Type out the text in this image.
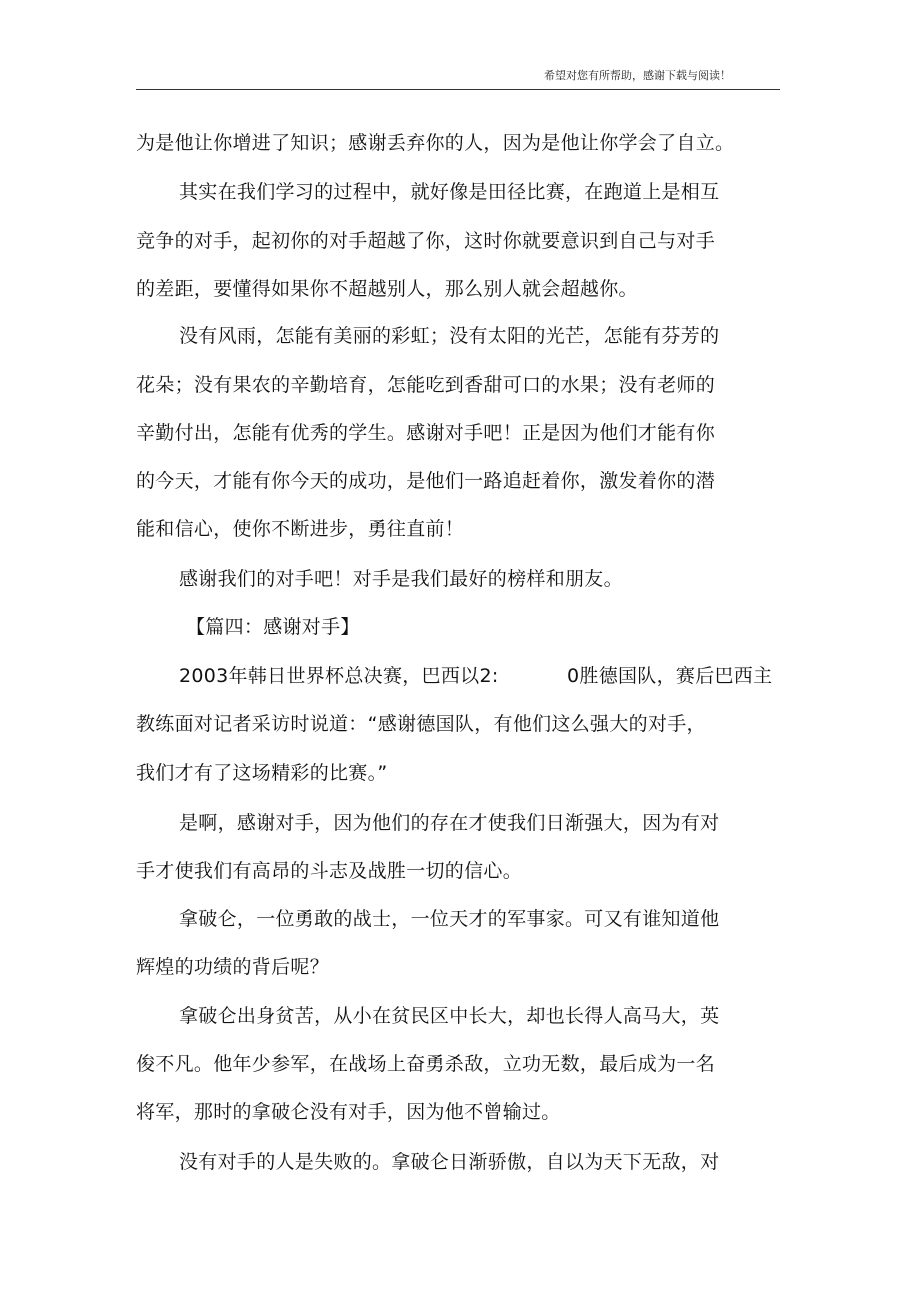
希望对您有所帮助，感谢下载与阅读！
为是他让你增进了知识；感谢丢弃你的人，因为是他让你学会了自立。
其实在我们学习的过程中，就好像是田径比赛，在跑道上是相互
竞争的对手，起初你的对手超越了你，这时你就要意识到自己与对手
的差距，要懂得如果你不超越别人，那么别人就会超越你。
没有风雨，怎能有美丽的彩虹；没有太阳的光芒，怎能有芬芳的
花朵；没有果农的辛勤培育，怎能吃到香甜可口的水果；没有老师的
辛勤付出，怎能有优秀的学生。感谢对手吧！正是因为他们才能有你
的今天，才能有你今天的成功，是他们一路追赶着你，激发着你的潜
能和信心，使你不断进步，勇往直前！
感谢我们的对手吧！对手是我们最好的榜样和朋友。
【篇四：感谢对手】
2003年韩日世界杯总决赛，巴西以2:	0胜德国队，赛后巴西主
教练面对记者采访时说道：“感谢德国队，有他们这么强大的对手，
我们才有了这场精彩的比赛。”
是啊，感谢对手，因为他们的存在才使我们日渐强大，因为有对
手才使我们有高昂的斗志及战胜一切的信心。
拿破仑，一位勇敢的战士，一位天才的军事家。可又有谁知道他
辉煌的功绩的背后呢？
拿破仑出身贫苦，从小在贫民区中长大，却也长得人高马大，英
俊不凡。他年少参军，在战场上奋勇杀敌，立功无数，最后成为一名
将军，那时的拿破仑没有对手，因为他不曾输过。
没有对手的人是失败的。拿破仑日渐骄傲，自以为天下无敌，对
